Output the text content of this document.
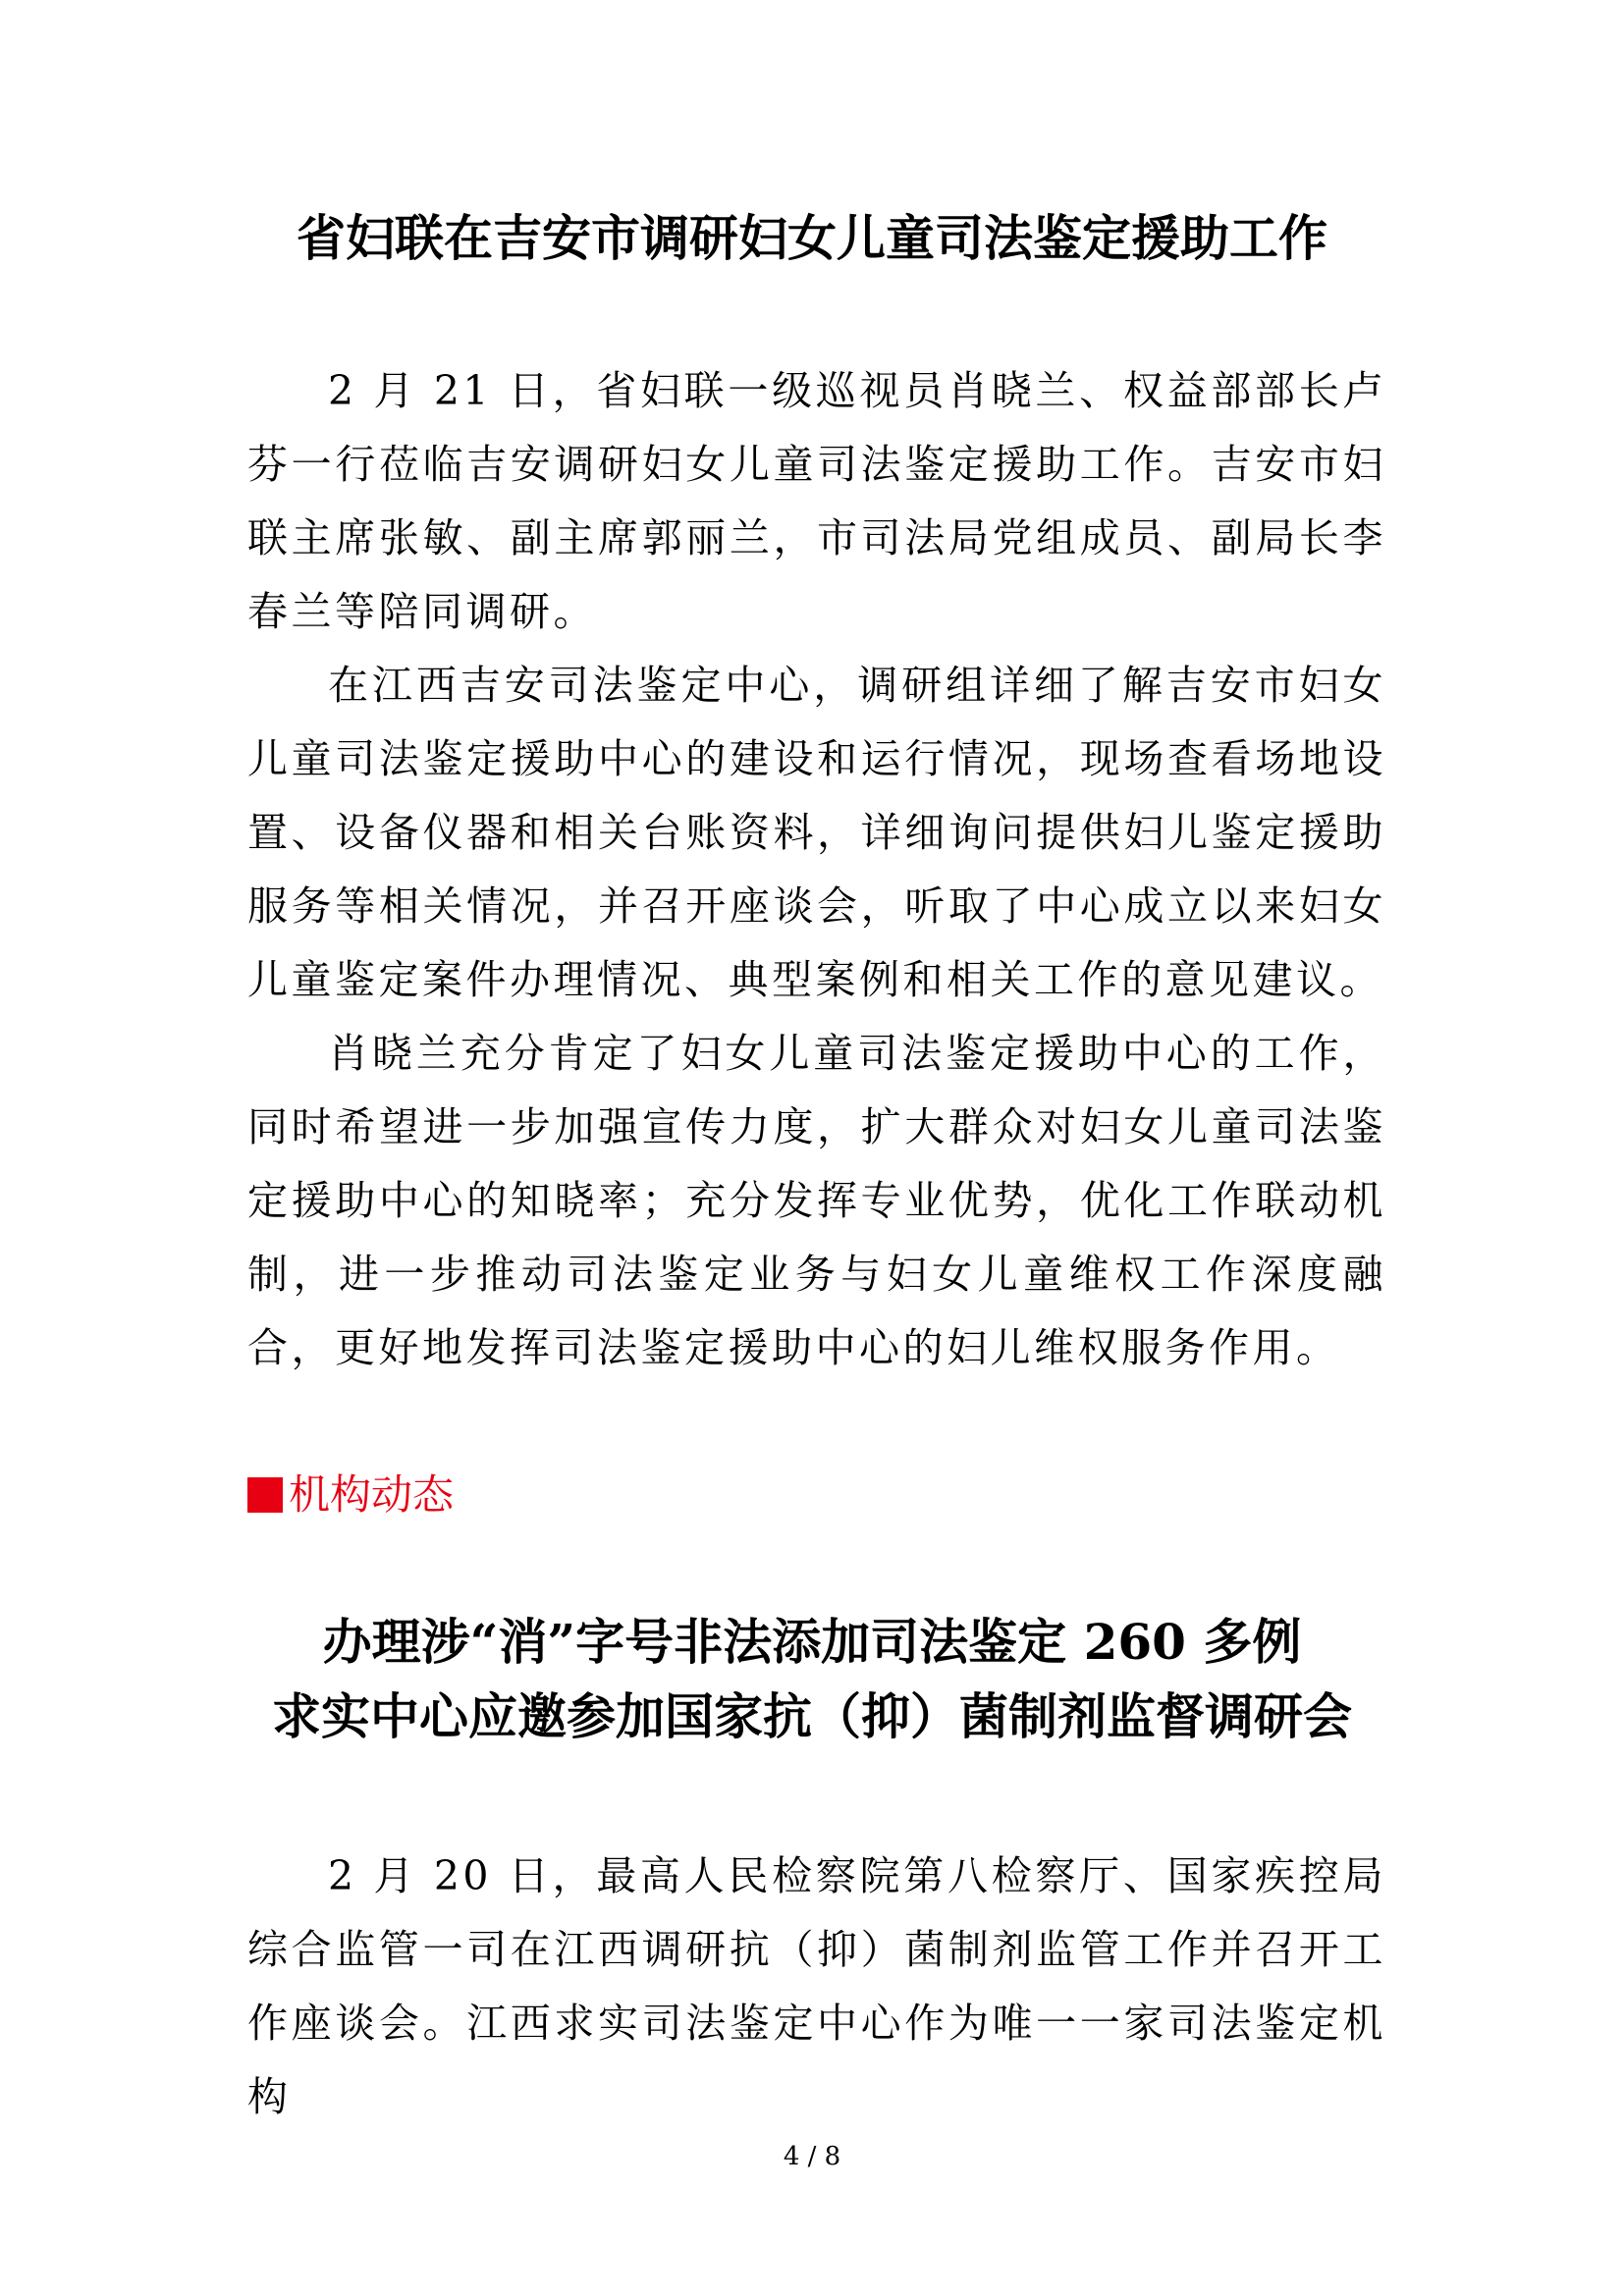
省妇联在吉安市调研妇女儿童司法鉴定援助工作

2 月 21 日，省妇联一级巡视员肖晓兰、权益部部长卢芬一行莅临吉安调研妇女儿童司法鉴定援助工作。吉安市妇联主席张敏、副主席郭丽兰，市司法局党组成员、副局长李春兰等陪同调研。

在江西吉安司法鉴定中心，调研组详细了解吉安市妇女儿童司法鉴定援助中心的建设和运行情况，现场查看场地设置、设备仪器和相关台账资料，详细询问提供妇儿鉴定援助服务等相关情况，并召开座谈会，听取了中心成立以来妇女儿童鉴定案件办理情况、典型案例和相关工作的意见建议。

肖晓兰充分肯定了妇女儿童司法鉴定援助中心的工作，同时希望进一步加强宣传力度，扩大群众对妇女儿童司法鉴定援助中心的知晓率；充分发挥专业优势，优化工作联动机制，进一步推动司法鉴定业务与妇女儿童维权工作深度融合，更好地发挥司法鉴定援助中心的妇儿维权服务作用。

机构动态
办理涉“消”字号非法添加司法鉴定 260 多例
求实中心应邀参加国家抗（抑）菌制剂监督调研会

2 月 20 日，最高人民检察院第八检察厅、国家疾控局综合监管一司在江西调研抗（抑）菌制剂监管工作并召开工作座谈会。江西求实司法鉴定中心作为唯一一家司法鉴定机构

4 / 8
